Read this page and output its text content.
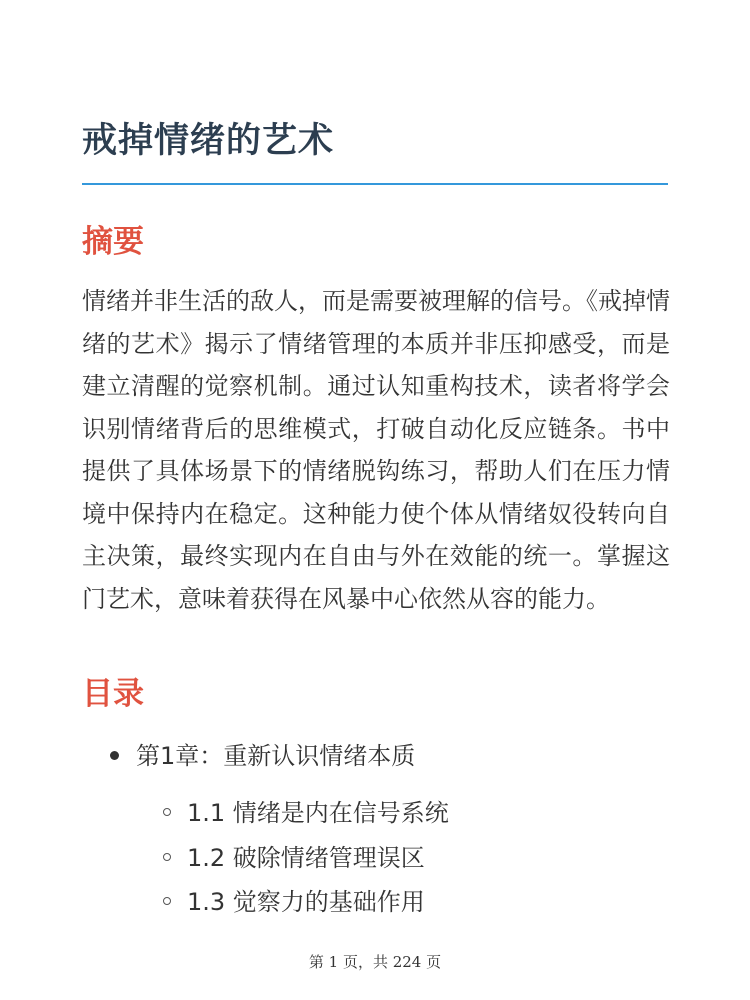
戒掉情绪的艺术
摘要

情绪并非生活的敌人，而是需要被理解的信号。《戒掉情绪的艺术》揭示了情绪管理的本质并非压抑感受，而是建立清醒的觉察机制。通过认知重构技术，读者将学会识别情绪背后的思维模式，打破自动化反应链条。书中提供了具体场景下的情绪脱钩练习，帮助人们在压力情境中保持内在稳定。这种能力使个体从情绪奴役转向自主决策，最终实现内在自由与外在效能的统一。掌握这门艺术，意味着获得在风暴中心依然从容的能力。

目录
第1章：重新认识情绪本质
1.1 情绪是内在信号系统
1.2 破除情绪管理误区
1.3 觉察力的基础作用
第 1 页，共 224 页
